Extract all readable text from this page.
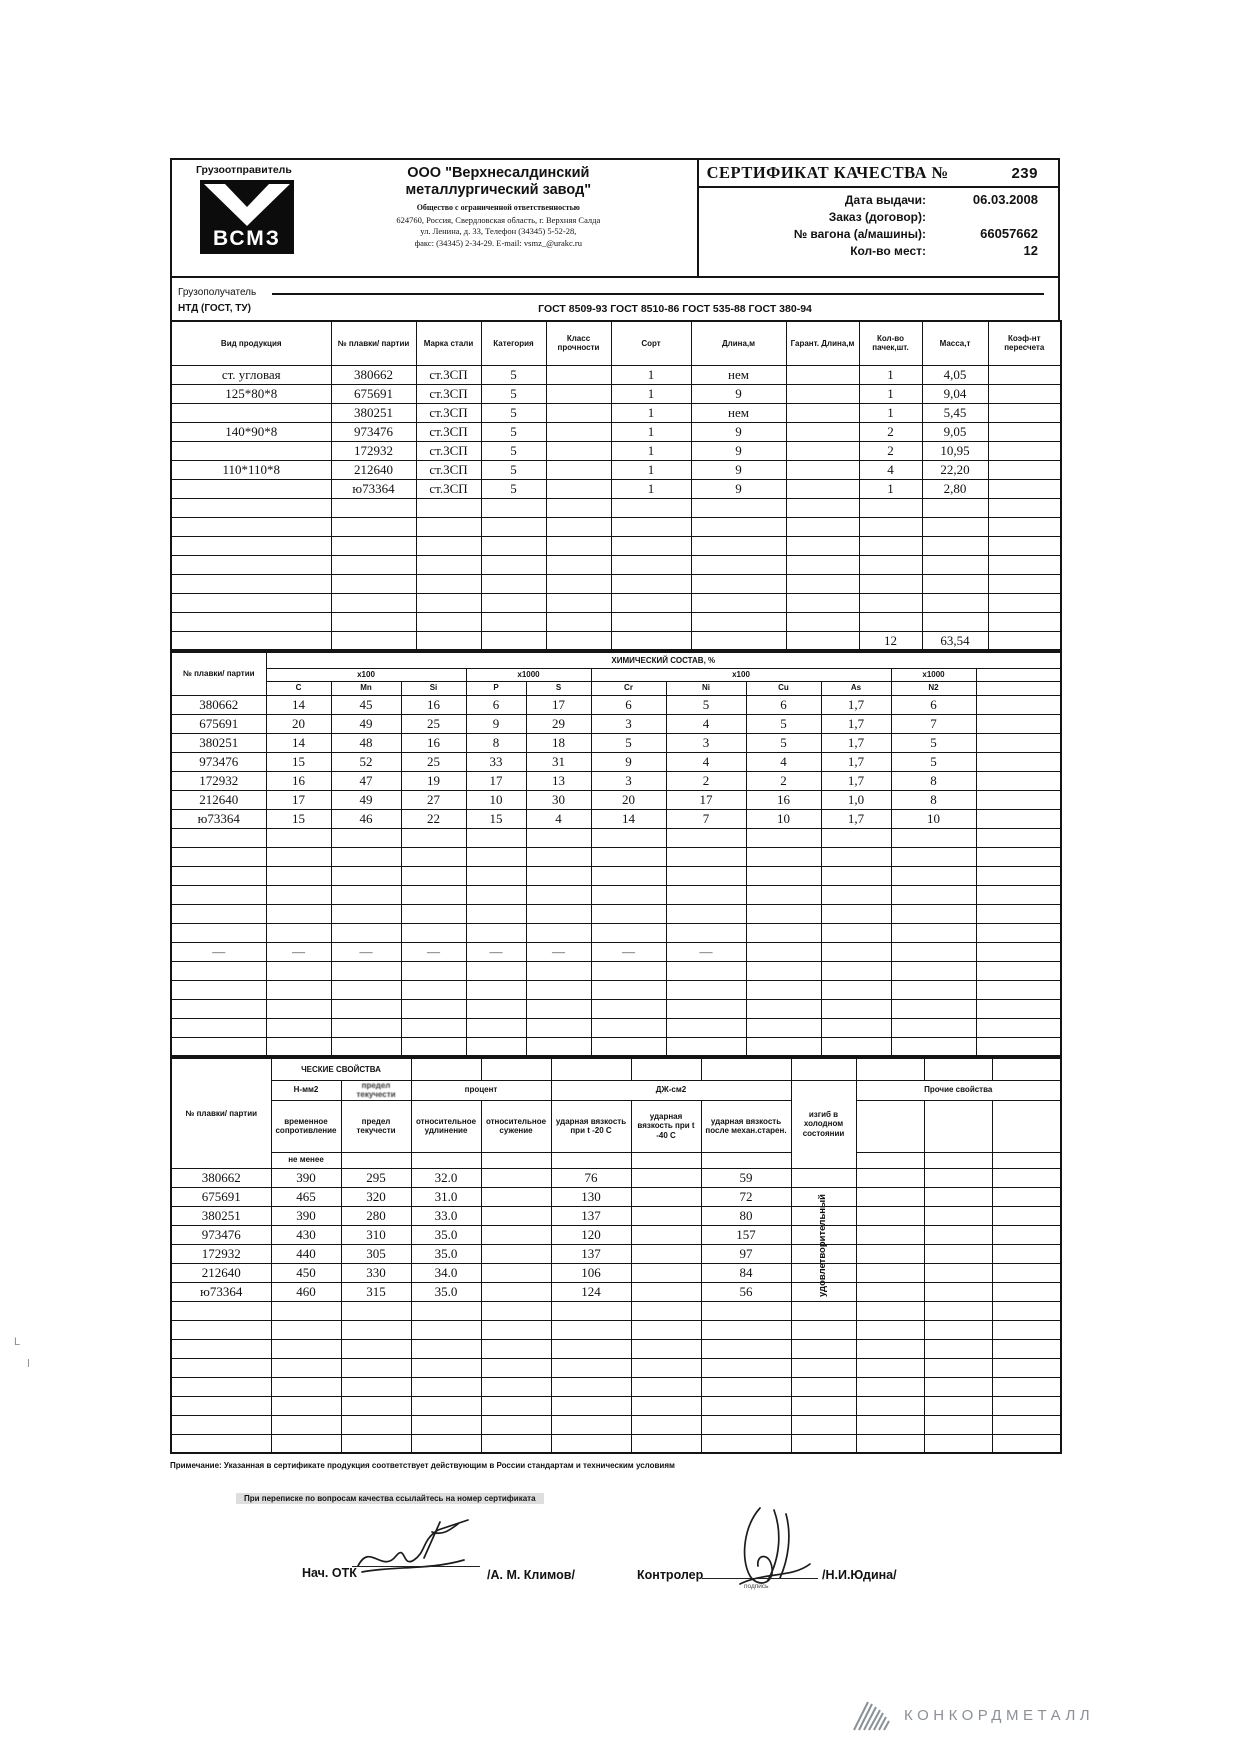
Грузоотправитель
ВСМЗ
ООО "Верхнесалдинский
металлургический завод"
Общество с ограниченной ответственностью
624760, Россия, Свердловская область, г. Верхняя Салда
ул. Ленина, д. 33, Телефон (34345) 5-52-28,
факс: (34345) 2-34-29. E-mail: vsmz_@urakc.ru
СЕРТИФИКАТ КАЧЕСТВА №	239
Дата выдачи:	06.03.2008
Заказ (договор):
№ вагона (а/машины):	66057662
Кол-во мест:	12
Грузополучатель
НТД (ГОСТ, ТУ)	ГОСТ 8509-93 ГОСТ 8510-86 ГОСТ 535-88 ГОСТ 380-94
Вид продукция	№ плавки/ партии	Марка стали	Категория	Класс прочности	Сорт	Длина,м	Гарант. Длина,м	Кол-во пачек,шт.	Масса,т	Коэф-нт пересчета
ст. угловая	380662	ст.3СП	5		1	нем		1	4,05	
125*80*8	675691	ст.3СП	5		1	9		1	9,04	
	380251	ст.3СП	5		1	нем		1	5,45	
140*90*8	973476	ст.3СП	5		1	9		2	9,05	
	172932	ст.3СП	5		1	9		2	10,95	
110*110*8	212640	ст.3СП	5		1	9		4	22,20	
	ю73364	ст.3СП	5		1	9		1	2,80	

								12	63,54	
№ плавки/ партии	ХИМИЧЕСКИЙ СОСТАВ, %										
	x100			x1000		x100				x1000	
	C	Mn	Si	P	S	Cr	Ni	Cu	As	N2	
380662	14	45	16	6	17	6	5	6	1,7	6	
675691	20	49	25	9	29	3	4	5	1,7	7	
380251	14	48	16	8	18	5	3	5	1,7	5	
973476	15	52	25	33	31	9	4	4	1,7	5	
172932	16	47	19	17	13	3	2	2	1,7	8	
212640	17	49	27	10	30	20	17	16	1,0	8	
ю73364	15	46	22	15	4	14	7	10	1,7	10	

—	—	—	—	—	—	—	—				

№ плавки/ партии	ЧЕСКИЕ СВОЙСТВА										
	Н-мм2	предел текучести	процент		ДЖ-см2			изгиб в холодном состоянии	Прочие свойства		
	временное сопротивление	предел текучести	относительное удлинение	относительное сужение	ударная вязкость при t -20 С	ударная вязкость при t -40 С	ударная вязкость после механ.старен.				
	не менее										
380662	390	295	32.0		76		59				
675691	465	320	31.0		130		72				
380251	390	280	33.0		137		80				
973476	430	310	35.0		120		157				
172932	440	305	35.0		137		97				
212640	450	330	34.0		106		84				
ю73364	460	315	35.0		124		56				

												удовлетворительный
Примечание: Указанная в сертификате продукция соответствует действующим в России стандартам и техническим условиям

При переписке по вопросам качества ссылайтесь на номер сертификата
Нач. ОТК	/А. М. Климов/	Контролер
подпись
/Н.И.Юдина/
КОНКОРДМЕТАЛЛ
L
ǀ
